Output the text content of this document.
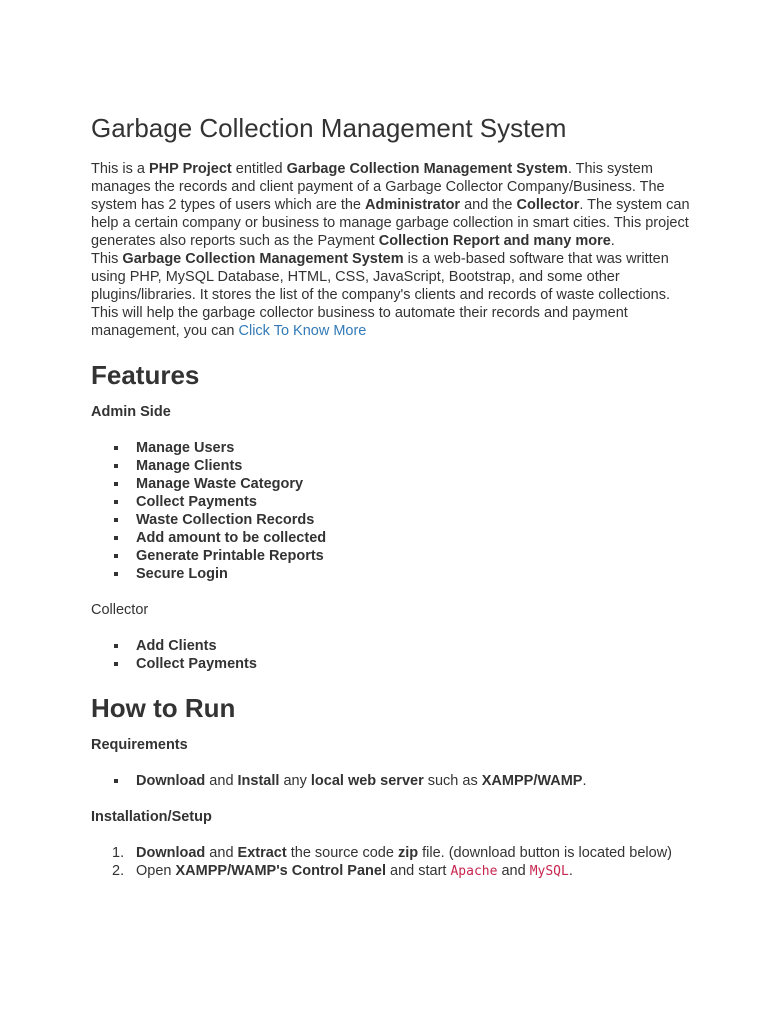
Garbage Collection Management System

This is a PHP Project entitled Garbage Collection Management System. This system manages the records and client payment of a Garbage Collector Company/Business. The system has 2 types of users which are the Administrator and the Collector. The system can help a certain company or business to manage garbage collection in smart cities. This project generates also reports such as the Payment Collection Report and many more.

This Garbage Collection Management System is a web-based software that was written using PHP, MySQL Database, HTML, CSS, JavaScript, Bootstrap, and some other plugins/libraries. It stores the list of the company's clients and records of waste collections. This will help the garbage collector business to automate their records and payment management, you can Click To Know More

Features
Admin Side
Manage Users
Manage Clients
Manage Waste Category
Collect Payments
Waste Collection Records
Add amount to be collected
Generate Printable Reports
Secure Login
Collector
Add Clients
Collect Payments
How to Run
Requirements
Download and Install any local web server such as XAMPP/WAMP.
Installation/Setup
1. Download and Extract the source code zip file. (download button is located below)
2. Open XAMPP/WAMP's Control Panel and start Apache and MySQL.
